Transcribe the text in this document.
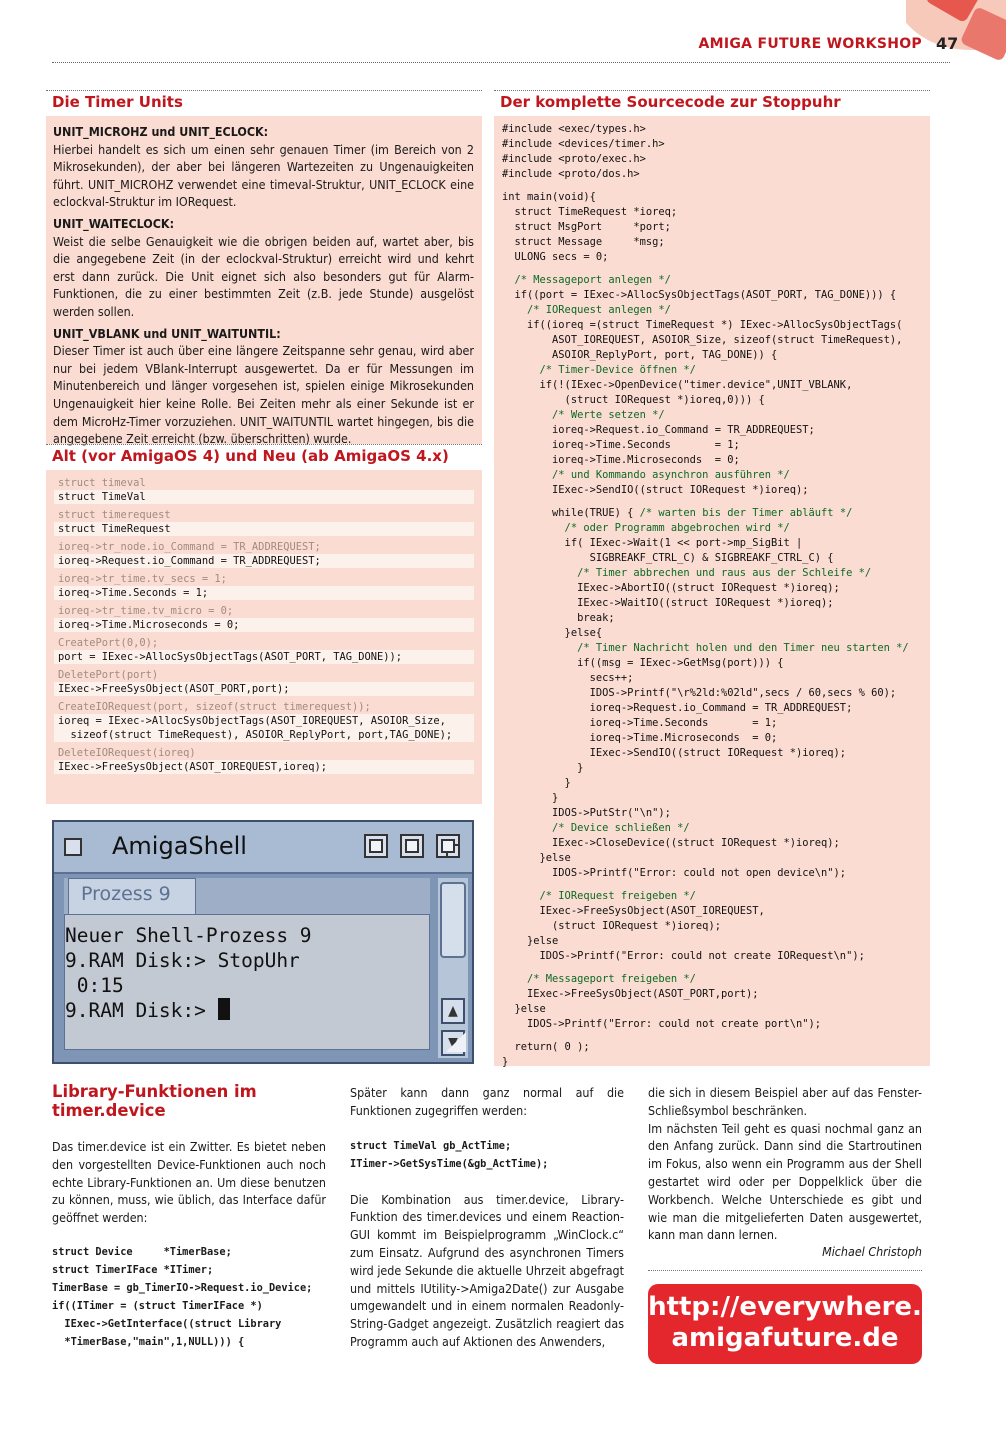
AMIGA FUTURE WORKSHOP 47
Die Timer Units
UNIT_MICROHZ und UNIT_ECLOCK:

Hierbei handelt es sich um einen sehr genauen Timer (im Bereich von 2 Mikrosekunden), der aber bei längeren Wartezeiten zu Ungenauigkeiten führt. UNIT_MICROHZ verwendet eine timeval-Struktur, UNIT_ECLOCK eine eclockval-Struktur im IORequest.

UNIT_WAITECLOCK:

Weist die selbe Genauigkeit wie die obrigen beiden auf, wartet aber, bis die angegebene Zeit (in der eclockval-Struktur) erreicht wird und kehrt erst dann zurück. Die Unit eignet sich also besonders gut für Alarm-Funktionen, die zu einer bestimmten Zeit (z.B. jede Stunde) ausgelöst werden sollen.

UNIT_VBLANK und UNIT_WAITUNTIL:

Dieser Timer ist auch über eine längere Zeitspanne sehr genau, wird aber nur bei jedem VBlank-Interrupt ausgewertet. Da er für Messungen im Minutenbereich und länger vorgesehen ist, spielen einige Mikrosekunden Ungenauigkeit hier keine Rolle. Bei Zeiten mehr als einer Sekunde ist er dem MicroHz-Timer vorzuziehen. UNIT_WAITUNTIL wartet hingegen, bis die angegebene Zeit erreicht (bzw. überschritten) wurde.

Alt (vor AmigaOS 4) und Neu (ab AmigaOS 4.x)
struct timeval
struct TimeVal
struct timerequest
struct TimeRequest
ioreq->tr_node.io_Command = TR_ADDREQUEST;
ioreq->Request.io_Command = TR_ADDREQUEST;
ioreq->tr_time.tv_secs = 1;
ioreq->Time.Seconds = 1;
ioreq->tr_time.tv_micro = 0;
ioreq->Time.Microseconds = 0;
CreatePort(0,0);
port = IExec->AllocSysObjectTags(ASOT_PORT, TAG_DONE));
DeletePort(port)
IExec->FreeSysObject(ASOT_PORT,port);
CreateIORequest(port, sizeof(struct timerequest));
ioreq = IExec->AllocSysObjectTags(ASOT_IOREQUEST, ASOIOR_Size,
sizeof(struct TimeRequest), ASOIOR_ReplyPort, port,TAG_DONE);
DeleteIORequest(ioreq)
IExec->FreeSysObject(ASOT_IOREQUEST,ioreq);
AmigaShell
Prozess 9
Neuer Shell-Prozess 9
9.RAM Disk:> StopUhr
0:15
9.RAM Disk:>	▲
▼
Der komplette Sourcecode zur Stoppuhr
#include <exec/types.h>
#include <devices/timer.h>
#include <proto/exec.h>
#include <proto/dos.h>
int main(void){
struct TimeRequest *ioreq;
struct MsgPort     *port;
struct Message     *msg;
ULONG secs = 0;
/* Messageport anlegen */
if((port = IExec->AllocSysObjectTags(ASOT_PORT, TAG_DONE))) {
/* IORequest anlegen */
if((ioreq =(struct TimeRequest *) IExec->AllocSysObjectTags(
ASOT_IOREQUEST, ASOIOR_Size, sizeof(struct TimeRequest),
ASOIOR_ReplyPort, port, TAG_DONE)) {
/* Timer-Device öffnen */
if(!(IExec->OpenDevice("timer.device",UNIT_VBLANK,
(struct IORequest *)ioreq,0))) {
/* Werte setzen */
ioreq->Request.io_Command = TR_ADDREQUEST;
ioreq->Time.Seconds       = 1;
ioreq->Time.Microseconds  = 0;
/* und Kommando asynchron ausführen */
IExec->SendIO((struct IORequest *)ioreq);
while(TRUE) { /* warten bis der Timer abläuft */
/* oder Programm abgebrochen wird */
if( IExec->Wait(1 << port->mp_SigBit |
SIGBREAKF_CTRL_C) & SIGBREAKF_CTRL_C) {
/* Timer abbrechen und raus aus der Schleife */
IExec->AbortIO((struct IORequest *)ioreq);
IExec->WaitIO((struct IORequest *)ioreq);
break;
}else{
/* Timer Nachricht holen und den Timer neu starten */
if((msg = IExec->GetMsg(port))) {
secs++;
IDOS->Printf("\r%2ld:%02ld",secs / 60,secs % 60);
ioreq->Request.io_Command = TR_ADDREQUEST;
ioreq->Time.Seconds       = 1;
ioreq->Time.Microseconds  = 0;
IExec->SendIO((struct IORequest *)ioreq);
}
}
}
IDOS->PutStr("\n");
/* Device schließen */
IExec->CloseDevice((struct IORequest *)ioreq);
}else
IDOS->Printf("Error: could not open device\n");
/* IORequest freigeben */
IExec->FreeSysObject(ASOT_IOREQUEST,
(struct IORequest *)ioreq);
}else
IDOS->Printf("Error: could not create IORequest\n");
/* Messageport freigeben */
IExec->FreeSysObject(ASOT_PORT,port);
}else
IDOS->Printf("Error: could not create port\n");
return( 0 );
}
Library-Funktionen im timer.device

Das timer.device ist ein Zwitter. Es bietet neben den vorgestellten Device-Funktionen auch noch echte Library-Funktionen an. Um diese benutzen zu können, muss, wie üblich, das Interface dafür geöffnet werden:

struct Device     *TimerBase;
struct TimerIFace *ITimer;
TimerBase = gb_TimerIO->Request.io_Device;
if((ITimer = (struct TimerIFace *)
IExec->GetInterface((struct Library
*TimerBase,"main",1,NULL))) {

Später kann dann ganz normal auf die Funktionen zugegriffen werden:

struct TimeVal gb_ActTime;
ITimer->GetSysTime(&gb_ActTime);

Die Kombination aus timer.device, Library-Funktion des timer.devices und einem Reaction-GUI kommt im Beispielprogramm „WinClock.c“ zum Einsatz. Aufgrund des asynchronen Timers wird jede Sekunde die aktuelle Uhrzeit abgefragt und mittels IUtility->Amiga2Date() zur Ausgabe umgewandelt und in einem normalen Readonly-String-Gadget angezeigt. Zusätzlich reagiert das Programm auch auf Aktionen des Anwenders,

die sich in diesem Beispiel aber auf das Fenster-Schließsymbol beschränken.

Im nächsten Teil geht es quasi nochmal ganz an den Anfang zurück. Dann sind die Startroutinen im Fokus, also wenn ein Programm aus der Shell gestartet wird oder per Doppelklick über die Workbench. Welche Unterschiede es gibt und wie man die mitgelieferten Daten ausgewertet, kann man dann lernen.

Michael Christoph
http://everywhere.
amigafuture.de
